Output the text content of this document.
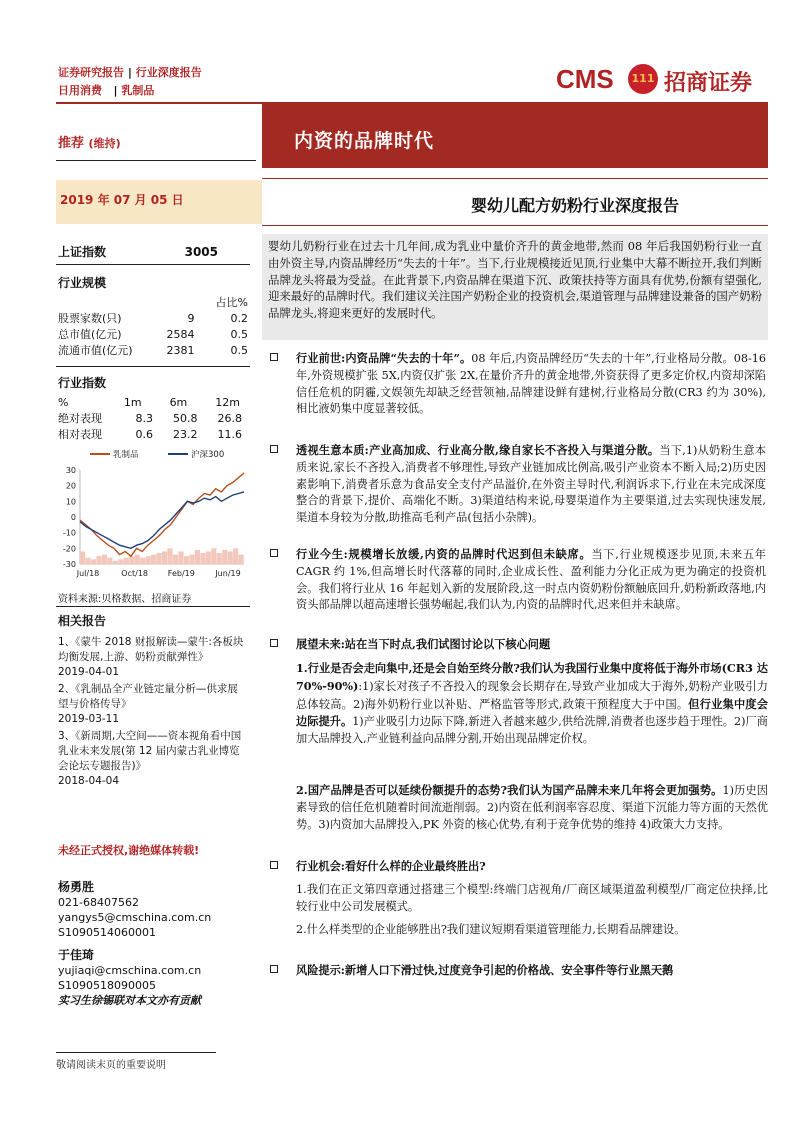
证券研究报告 | 行业深度报告
日用消费 | 乳制品	CMS	111 招商证券
推荐 (维持)	内资的品牌时代
2019 年 07 月 05 日	婴幼儿配方奶粉行业深度报告
上证指数	3005
行业规模
占比%
股票家数(只)	9	0.2
总市值(亿元)	2584	0.5
流通市值(亿元)	2381	0.5
行业指数
%	1m	6m	12m
绝对表现	8.3 50.8 26.8
相对表现	0.6 23.2 11.6
乳制品	沪深300
30
20
10
0
-10
-20
-30
Jul/18	Oct/18 Feb/19	Jun/19
资料来源:贝格数据、招商证券
相关报告
1、《蒙牛 2018 财报解读—蒙牛:各板块均衡发展,上游、奶粉贡献弹性》
2019-04-01
2、《乳制品全产业链定量分析—供求展望与价格传导》
2019-03-11
3、《新周期,大空间——资本视角看中国乳业未来发展(第 12 届内蒙古乳业博览会论坛专题报告)》
2018-04-04
未经正式授权,谢绝媒体转载!
杨勇胜
021-68407562
yangys5@cmschina.com.cn
S1090514060001
于佳琦
yujiaqi@cmschina.com.cn
S1090518090005
实习生徐锡联对本文亦有贡献
婴幼儿奶粉行业在过去十几年间,成为乳业中量价齐升的黄金地带,然而 08 年后我国奶粉行业一直由外资主导,内资品牌经历“失去的十年”。当下,行业规模接近见顶,行业集中大幕不断拉开,我们判断品牌龙头将最为受益。在此背景下,内资品牌在渠道下沉、政策扶持等方面具有优势,份额有望强化,迎来最好的品牌时代。我们建议关注国产奶粉企业的投资机会,渠道管理与品牌建设兼备的国产奶粉品牌龙头,将迎来更好的发展时代。
行业前世:内资品牌“失去的十年”。08 年后,内资品牌经历“失去的十年”,行业格局分散。08-16 年,外资规模扩张 5X,内资仅扩张 2X,在量价齐升的黄金地带,外资获得了更多定价权,内资却深陷信任危机的阴霾,文娱领先却缺乏经营领袖,品牌建设鲜有建树,行业格局分散(CR3 约为 30%),相比液奶集中度显著较低。
透视生意本质:产业高加成、行业高分散,缘自家长不吝投入与渠道分散。当下,1)从奶粉生意本质来说,家长不吝投入,消费者不够理性,导致产业链加成比例高,吸引产业资本不断入局;2)历史因素影响下,消费者乐意为食品安全支付产品溢价,在外资主导时代,利润诉求下,行业在未完成深度整合的背景下,提价、高端化不断。3)渠道结构来说,母婴渠道作为主要渠道,过去实现快速发展,渠道本身较为分散,助推高毛利产品(包括小杂牌)。
行业今生:规模增长放缓,内资的品牌时代迟到但未缺席。当下,行业规模逐步见顶,未来五年 CAGR 约 1%,但高增长时代落幕的同时,企业成长性、盈利能力分化正成为更为确定的投资机会。我们将行业从 16 年起划入新的发展阶段,这一时点内资奶粉份额触底回升,奶粉新政落地,内资头部品牌以超高速增长强势崛起,我们认为,内资的品牌时代,迟来但并未缺席。
展望未来:站在当下时点,我们试图讨论以下核心问题
1.行业是否会走向集中,还是会自始至终分散?我们认为我国行业集中度将低于海外市场(CR3 达 70%-90%):1)家长对孩子不吝投入的现象会长期存在,导致产业加成大于海外,奶粉产业吸引力总体较高。2)海外奶粉行业以补贴、严格监管等形式,政策干预程度大于中国。但行业集中度会边际提升。1)产业吸引力边际下降,新进入者越来越少,供给洗牌,消费者也逐步趋于理性。2)厂商加大品牌投入,产业链利益向品牌分割,开始出现品牌定价权。
2.国产品牌是否可以延续份额提升的态势?我们认为国产品牌未来几年将会更加强势。1)历史因素导致的信任危机随着时间流逝削弱。2)内资在低利润率容忍度、渠道下沉能力等方面的天然优势。3)内资加大品牌投入,PK 外资的核心优势,有利于竞争优势的维持 4)政策大力支持。
行业机会:看好什么样的企业最终胜出?
1.我们在正文第四章通过搭建三个模型:终端门店视角/厂商区域渠道盈利模型/厂商定位抉择,比较行业中公司发展模式。
2.什么样类型的企业能够胜出?我们建议短期看渠道管理能力,长期看品牌建设。
风险提示:新增人口下滑过快,过度竞争引起的价格战、安全事件等行业黑天鹅
敬请阅读末页的重要说明
